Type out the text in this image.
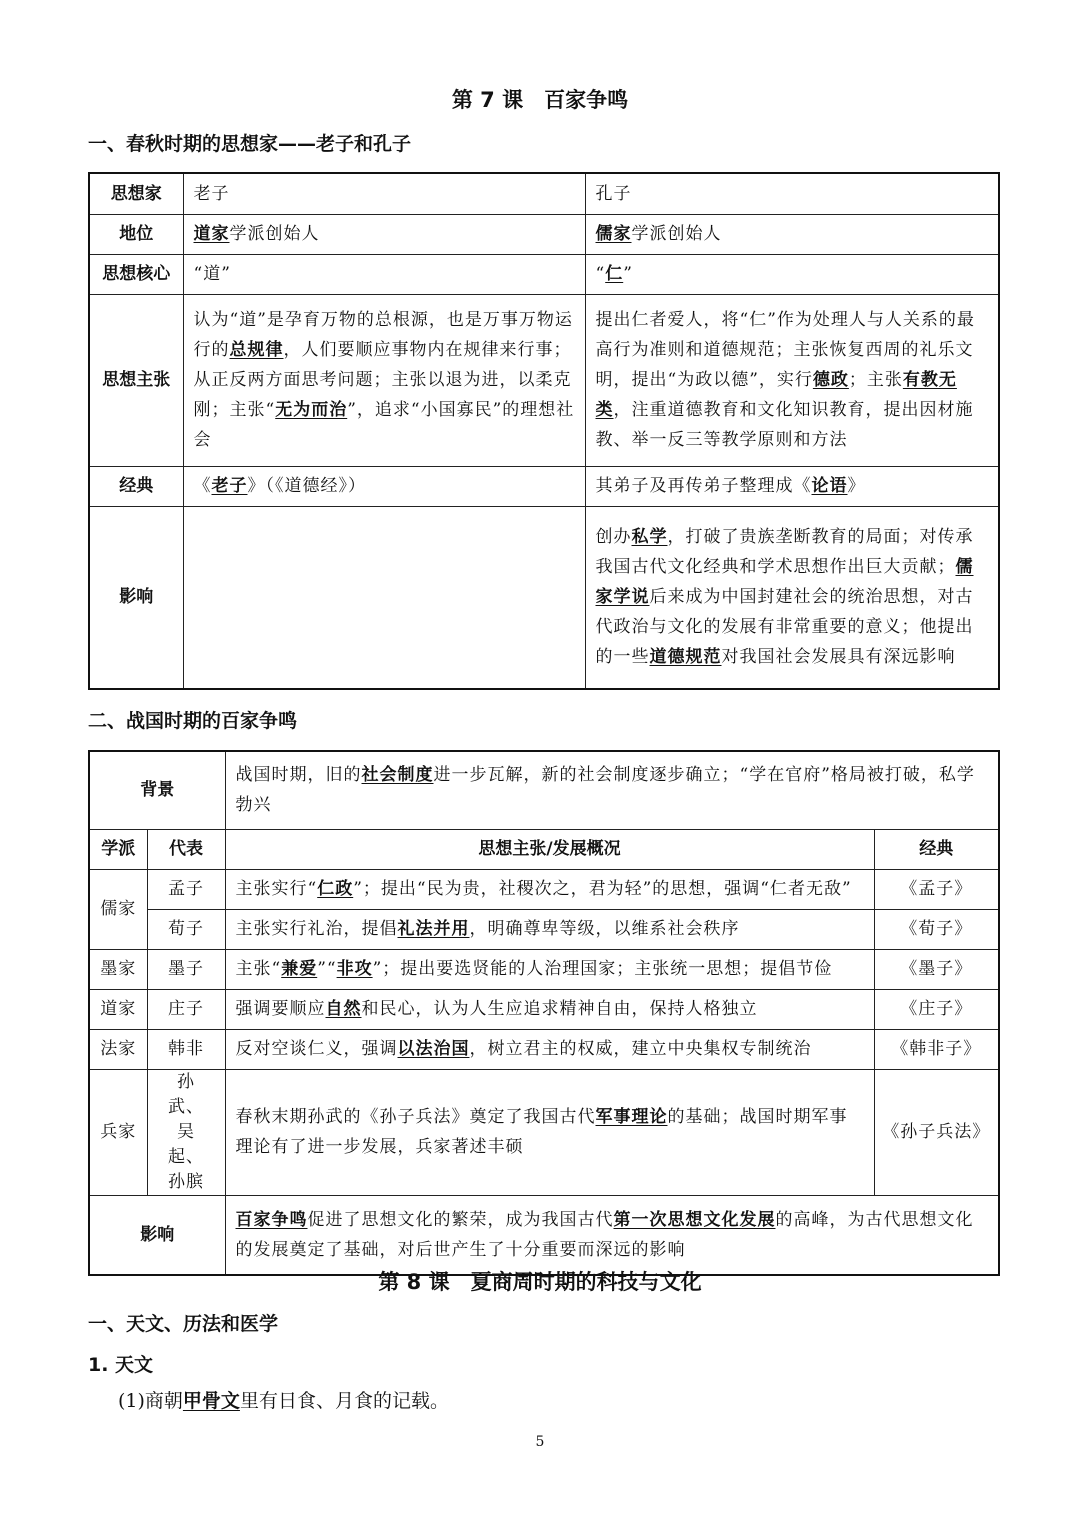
第 7 课　百家争鸣
一、春秋时期的思想家——老子和孔子
思想家	老子	孔子
地位	道家学派创始人	儒家学派创始人
思想核心	“道”	“仁”
思想主张	认为“道”是孕育万物的总根源，也是万事万物运行的总规律，人们要顺应事物内在规律来行事；从正反两方面思考问题；主张以退为进，以柔克刚；主张“无为而治”，追求“小国寡民”的理想社会	提出仁者爱人，将“仁”作为处理人与人关系的最高行为准则和道德规范；主张恢复西周的礼乐文明，提出“为政以德”，实行德政；主张有教无类，注重道德教育和文化知识教育，提出因材施教、举一反三等教学原则和方法
经典	《老子》（《道德经》）	其弟子及再传弟子整理成《论语》
影响		创办私学，打破了贵族垄断教育的局面；对传承我国古代文化经典和学术思想作出巨大贡献；儒家学说后来成为中国封建社会的统治思想，对古代政治与文化的发展有非常重要的意义；他提出的一些道德规范对我国社会发展具有深远影响
二、战国时期的百家争鸣
背景		战国时期，旧的社会制度进一步瓦解，新的社会制度逐步确立；“学在官府”格局被打破，私学勃兴	
学派	代表	思想主张/发展概况	经典
儒家	孟子	主张实行“仁政”；提出“民为贵，社稷次之，君为轻”的思想，强调“仁者无敌”	《孟子》
	荀子	主张实行礼治，提倡礼法并用，明确尊卑等级，以维系社会秩序	《荀子》
墨家	墨子	主张“兼爱”“非攻”；提出要选贤能的人治理国家；主张统一思想；提倡节俭	《墨子》
道家	庄子	强调要顺应自然和民心，认为人生应追求精神自由，保持人格独立	《庄子》
法家	韩非	反对空谈仁义，强调以法治国，树立君主的权威，建立中央集权专制统治	《韩非子》
兵家	孙武、吴起、孙膑	春秋末期孙武的《孙子兵法》奠定了我国古代军事理论的基础；战国时期军事理论有了进一步发展，兵家著述丰硕	《孙子兵法》
影响		百家争鸣促进了思想文化的繁荣，成为我国古代第一次思想文化发展的高峰，为古代思想文化的发展奠定了基础，对后世产生了十分重要而深远的影响	
第 8 课　夏商周时期的科技与文化
一、天文、历法和医学
1. 天文
(1)商朝甲骨文里有日食、月食的记载。
5
